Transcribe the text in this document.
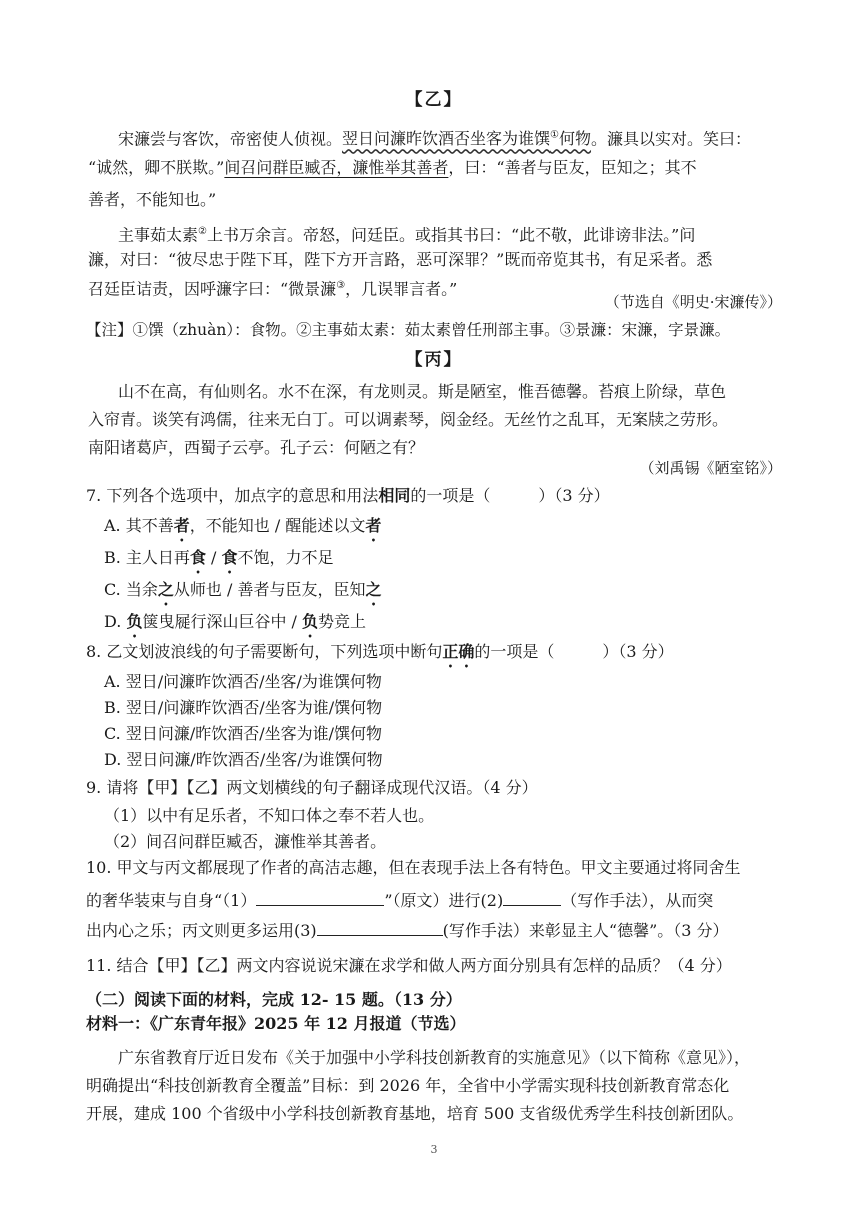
【乙】
宋濂尝与客饮，帝密使人侦视。翌日问濂昨饮酒否坐客为谁馔①何物。濂具以实对。笑曰：
“诚然，卿不朕欺。”间召问群臣臧否，濂惟举其善者，曰：“善者与臣友，臣知之；其不
善者，不能知也。”
主事茹太素②上书万余言。帝怒，问廷臣。或指其书曰：“此不敬，此诽谤非法。”问
濂，对曰：“彼尽忠于陛下耳，陛下方开言路，恶可深罪？”既而帝览其书，有足采者。悉
召廷臣诘责，因呼濂字曰：“微景濂③，几误罪言者。”
（节选自《明史·宋濂传》）
【注】①馔（zhuàn）：食物。②主事茹太素：茹太素曾任刑部主事。③景濂：宋濂，字景濂。
【丙】
山不在高，有仙则名。水不在深，有龙则灵。斯是陋室，惟吾德馨。苔痕上阶绿，草色
入帘青。谈笑有鸿儒，往来无白丁。可以调素琴，阅金经。无丝竹之乱耳，无案牍之劳形。
南阳诸葛庐，西蜀子云亭。孔子云：何陋之有？
（刘禹锡《陋室铭》）
7. 下列各个选项中，加点字的意思和用法相同的一项是（　　　）（3 分）
A. 其不善者，不能知也 / 醒能述以文者
B. 主人日再食 / 食不饱，力不足
C. 当余之从师也 / 善者与臣友，臣知之
D. 负箧曳屣行深山巨谷中 / 负势竞上
8. 乙文划波浪线的句子需要断句，下列选项中断句正确的一项是（　　　）（3 分）
A. 翌日/问濂昨饮酒否/坐客/为谁馔何物
B. 翌日/问濂昨饮酒否/坐客为谁/馔何物
C. 翌日问濂/昨饮酒否/坐客为谁/馔何物
D. 翌日问濂/昨饮酒否/坐客/为谁馔何物
9. 请将【甲】【乙】两文划横线的句子翻译成现代汉语。（4 分）
（1）以中有足乐者，不知口体之奉不若人也。
（2）间召问群臣臧否，濂惟举其善者。
10. 甲文与丙文都展现了作者的高洁志趣，但在表现手法上各有特色。甲文主要通过将同舍生
的奢华装束与自身“（1）	”（原文）进行(2)	（写作手法），从而突
出内心之乐；丙文则更多运用(3)	(写作手法）来彰显主人“德馨”。（3 分）
11. 结合【甲】【乙】两文内容说说宋濂在求学和做人两方面分别具有怎样的品质？（4 分）
（二）阅读下面的材料，完成 12- 15 题。（13 分）
材料一：《广东青年报》2025 年 12 月报道（节选）
广东省教育厅近日发布《关于加强中小学科技创新教育的实施意见》（以下简称《意见》），
明确提出“科技创新教育全覆盖”目标：到 2026 年，全省中小学需实现科技创新教育常态化
开展，建成 100 个省级中小学科技创新教育基地，培育 500 支省级优秀学生科技创新团队。
3
